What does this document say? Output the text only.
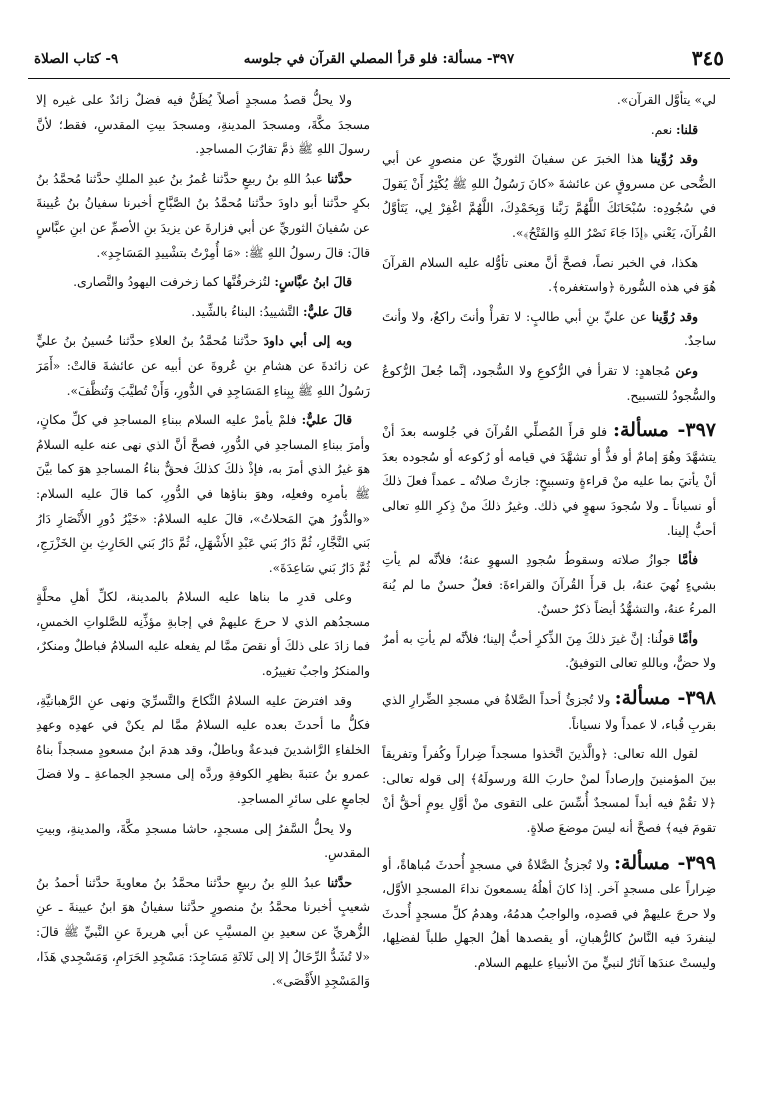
٣٤٥
٣٩٧- مسألة: فلو قرأ المصلي القرآن في جلوسه
٩- كتاب الصلاة

لي» يتأوَّل القرآن».

قلنا: نعم.

وقد رُوِّينا هذا الخبرَ عن سفيانَ الثوريِّ عن منصورٍ عن أبي الضُّحى عن مسروقٍ عن عائشةَ «كانَ رَسُولُ اللهِ ﷺ يُكْثِرُ أَنْ يَقولَ في سُجُودِه: سُبْحَانَكَ اللَّهُمَّ رَبَّنا وَبِحَمْدِكَ، اللَّهُمَّ اغْفِرْ لِي، يَتَأوَّلُ القُرآنَ، يَعْني ﴿إذَا جَاءَ نَصْرُ اللهِ وَالفَتْحُ﴾».

هكذا، في الخبر نصاً، فصحَّ أنَّ معنى تأوُّله عليه السلام القرآنَ هُوَ في هذه السُّورة ﴿واستغفره﴾.

وقد رُوِّينا عن عليِّ بنِ أبي طالبٍ: لا تقرأْ وأنتَ راكعٌ، ولا وأنتَ ساجدٌ.

وعن مُجاهدٍ: لا تقرأ في الرُّكوعِ ولا السُّجود، إنَّما جُعلَ الرُّكوعُ والسُّجودُ للتسبيح.

٣٩٧- مسألة: فلو قرأَ المُصلِّي القُرآنَ في جُلوسه بعدَ أنْ يتشهَّدَ وهُوَ إمامٌ أو فذٌّ أو تشهَّدَ في قيامه أو رُكوعه أو سُجوده بعدَ أنْ يأتيَ بما عليه منْ قراءةٍ وتسبيحٍ: جازتْ صلاتُه ـ عمداً فعلَ ذلكَ أو نسياناً ـ ولا سُجودَ سهوٍ في ذلك. وغيرُ ذلكَ منْ ذِكرِ اللهِ تعالى أحبُّ إلينا.

فأمَّا جوازُ صلاته وسقوطُ سُجودِ السهوِ عنهُ؛ فلأنَّه لم يأتِ بشيءٍ نُهيَ عنهُ، بل قرأَ القُرآنَ والقراءةَ: فعلٌ حسنٌ ما لم يُنهَ المرءُ عنهُ، والتشهُّدُ أيضاً ذكرٌ حسنٌ.

وأمَّا قولُنا: إنَّ غيرَ ذلكَ مِنَ الذِّكرِ أحبُّ إلينا؛ فلأنَّه لم يأتِ به أمرٌ ولا حضٌّ، وباللهِ تعالى التوفيقُ.

٣٩٨- مسألة: ولا تُجزئُ أحداً الصَّلاةُ في مسجدِ الضِّرارِ الذي بقربِ قُباء، لا عمداً ولا نسياناً.

لقول الله تعالى: ﴿والَّذينَ اتَّخذوا مسجداً ضِراراً وكُفراً وتفريقاً بينَ المؤمنينَ وإرصاداً لمنْ حاربَ اللهَ ورسولَهُ﴾ إلى قوله تعالى: ﴿لا تقُمْ فيه أبداً لمسجدٌ أُسِّسَ على التقوى منْ أوَّلِ يومٍ أحقُّ أنْ تقومَ فيه﴾ فصحَّ أنه ليسَ موضعَ صلاةٍ.

٣٩٩- مسألة: ولا تُجزئُ الصَّلاةُ في مسجدٍ أُحدثَ مُباهاةً، أو ضِراراً على مسجدٍ آخر. إذا كانَ أهلُهُ يسمعونَ نداءَ المسجدِ الأوَّل، ولا حرجَ عليهمْ في قصدِه، والواجبُ هدمُهُ، وهدمُ كلِّ مسجدٍ أُحدثَ لينفردَ فيه النَّاسُ كالرُّهبانِ، أو يقصدها أهلُ الجهلِ طلباً لفضلِها، وليستْ عندَها آثارٌ لنبيٍّ منَ الأنبياءِ عليهم السلام.

ولا يحلُّ قصدُ مسجدٍ أصلاً يُظَنُّ فيه فضلٌ زائدٌ على غيره إلا مسجدَ مكَّةَ، ومسجدَ المدينةِ، ومسجدَ بيتِ المقدسِ، فقط؛ لأنَّ رسولَ اللهِ ﷺ ذمَّ تقارُبَ المساجدِ.

حدَّثنا عبدُ اللهِ بنُ ربيعٍ حدَّثنا عُمرُ بنُ عبدِ الملكِ حدَّثنا مُحمَّدُ بنُ بكرٍ حدَّثنا أبو داودَ حدَّثنا مُحمَّدُ بنُ الصَّبَّاحِ أخبرنا سفيانُ بنُ عُيينةَ عن سُفيانَ الثوريِّ عن أبي فزارةَ عن يزيدَ بنِ الأصمِّ عن ابنِ عبَّاسٍ قالَ: قالَ رسولُ اللهِ ﷺ: «مَا أُمِرْتُ بتشْييدِ المَسَاجِدِ».

قالَ ابنُ عبَّاسٍ: لتُزخرفُنَّها كما زخرفت اليهودُ والنَّصارى.

قالَ عليٌّ: التَّشييدُ: البناءُ بالشِّيد.

وبه إلى أبي داودَ حدَّثنا مُحمَّدُ بنُ العلاءِ حدَّثنا حُسينُ بنُ عليٍّ عن زائدةَ عن هشامِ بنِ عُروةَ عن أبيه عن عائشةَ قالتْ: «أَمَرَ رَسُولُ اللهِ ﷺ بِبِناءِ المَسَاجِدِ في الدُّورِ، وَأَنْ تُطيَّبَ وَتُنظَّفَ».

قالَ عليٌّ: فلمْ يأمرْ عليه السلام ببناءِ المساجدِ في كلِّ مكانٍ، وأمرَ ببناءِ المساجدِ في الدُّورِ، فصحَّ أنَّ الذي نهى عنه عليه السلامُ هوَ غيرُ الذي أمرَ به، فإذْ ذلكَ كذلكَ فحقٌّ بناءُ المساجدِ هوَ كما بيَّنَ ﷺ بأمرِه وفعلِه، وهوَ بناؤها في الدُّورِ، كما قالَ عليه السلام: «والدُّورُ هيَ المَحلاتُ»، قالَ عليه السلامُ: «خَيْرُ دُورِ الأَنْصَارِ دَارُ بَني النَّجَّارِ، ثُمَّ دَارُ بَني عَبْدِ الأَشْهَلِ، ثُمَّ دَارُ بَني الحَارِثِ بنِ الخَزْرَجِ، ثُمَّ دَارُ بَني سَاعِدَةَ».

وعلى قدرِ ما بناها عليه السلامُ بالمدينة، لكلِّ أهلِ محلَّةٍ مسجدُهم الذي لا حرجَ عليهمْ في إجابةِ مؤذِّنِه للصَّلواتِ الخمسِ، فما زادَ على ذلكَ أو نقصَ ممَّا لم يفعله عليه السلامُ فباطلٌ ومنكرٌ، والمنكرُ واجبٌ تغييرُه.

وقد افترضَ عليه السلامُ النِّكاحَ والتَّسرِّيَ ونهى عنِ الرَّهبانيَّةِ، فكلُّ ما أحدثَ بعده عليه السلامُ ممَّا لم يكنْ في عهدِه وعهدِ الخلفاءِ الرَّاشدينَ فبدعةٌ وباطلٌ، وقد هدمَ ابنُ مسعودٍ مسجداً بناهُ عمرو بنُ عتبةَ بظهرِ الكوفةِ وردَّه إلى مسجدِ الجماعةِ ـ ولا فضلَ لجامعٍ على سائرِ المساجدِ.

ولا يحلُّ السَّفرُ إلى مسجدٍ، حاشا مسجدِ مكَّةَ، والمدينةِ، وبيتِ المقدسِ.

حدَّثنا عبدُ اللهِ بنُ ربيعٍ حدَّثنا محمَّدُ بنُ معاويةَ حدَّثنا أحمدُ بنُ شعيبٍ أخبرنا محمَّدُ بنُ منصورٍ حدَّثنا سفيانُ هوَ ابنُ عيينةَ ـ عنِ الزُّهريِّ عن سعيدِ بنِ المسيَّبِ عن أبي هريرةَ عنِ النَّبيِّ ﷺ قالَ: «لا تُشَدُّ الرِّحَالُ إلا إلى ثَلاثَةِ مَسَاجِدَ: مَسْجِدِ الحَرَامِ، وَمَسْجِدي هَذَا، وَالمَسْجِدِ الأَقْصَى».
